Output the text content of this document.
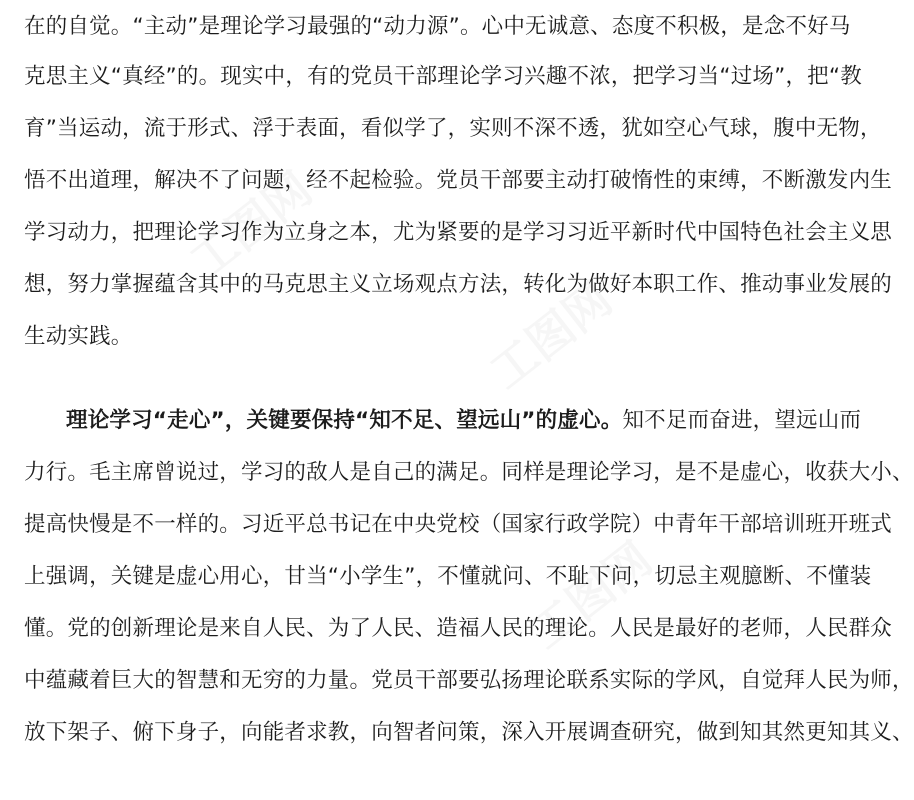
工图网
工图网
工图网
在的自觉。“主动”是理论学习最强的“动力源”。心中无诚意、态度不积极，是念不好马
克思主义“真经”的。现实中，有的党员干部理论学习兴趣不浓，把学习当“过场”，把“教
育”当运动，流于形式、浮于表面，看似学了，实则不深不透，犹如空心气球，腹中无物，
悟不出道理，解决不了问题，经不起检验。党员干部要主动打破惰性的束缚，不断激发内生
学习动力，把理论学习作为立身之本，尤为紧要的是学习习近平新时代中国特色社会主义思
想，努力掌握蕴含其中的马克思主义立场观点方法，转化为做好本职工作、推动事业发展的
生动实践。
理论学习“走心”，关键要保持“知不足、望远山”的虚心。知不足而奋进，望远山而
力行。毛主席曾说过，学习的敌人是自己的满足。同样是理论学习，是不是虚心，收获大小、
提高快慢是不一样的。习近平总书记在中央党校（国家行政学院）中青年干部培训班开班式
上强调，关键是虚心用心，甘当“小学生”，不懂就问、不耻下问，切忌主观臆断、不懂装
懂。党的创新理论是来自人民、为了人民、造福人民的理论。人民是最好的老师，人民群众
中蕴藏着巨大的智慧和无穷的力量。党员干部要弘扬理论联系实际的学风，自觉拜人民为师，
放下架子、俯下身子，向能者求教，向智者问策，深入开展调查研究，做到知其然更知其义、
